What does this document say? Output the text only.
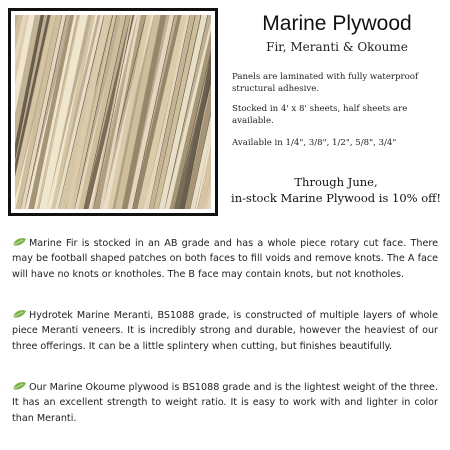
Marine Plywood
Fir, Meranti & Okoume

Panels are laminated with fully waterproof structural adhesive.

Stocked in 4' x 8' sheets, half sheets are available.

Available in 1/4", 3/8", 1/2", 5/8", 3/4"

Through June,
in-stock Marine Plywood is 10% off!

Marine Fir is stocked in an AB grade and has a whole piece rotary cut face. There may be football shaped patches on both faces to fill voids and remove knots. The A face will have no knots or knotholes. The B face may contain knots, but not knotholes.

Hydrotek Marine Meranti, BS1088 grade, is constructed of multiple layers of whole piece Meranti veneers. It is incredibly strong and durable, however the heaviest of our three offerings. It can be a little splintery when cutting, but finishes beautifully.

Our Marine Okoume plywood is BS1088 grade and is the lightest weight of the three. It has an excellent strength to weight ratio. It is easy to work with and lighter in color than Meranti.
